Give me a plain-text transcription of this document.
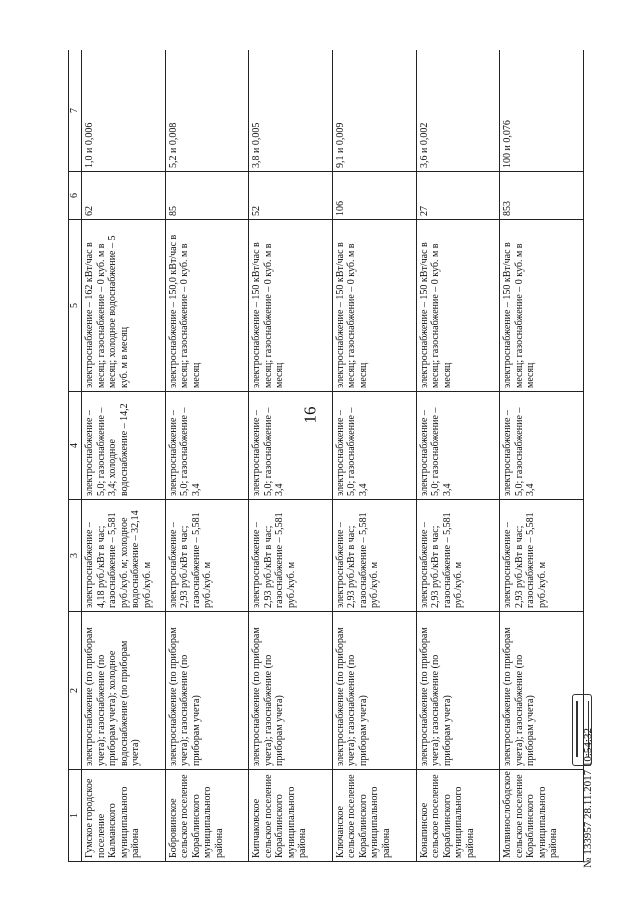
16
1	2	3	4	5	6	7
Гумское городское поселение Калманского муниципального района	электроснабжение (по приборам учета); газоснабжение (по приборам учета); холодное водоснабжение (по приборам учета)	электроснабжение – 4,18 руб./кВт в час; газоснабжение – 5,581 руб./куб. м; холодное водоснабжение – 32,14 руб./куб. м	электроснабжение – 5,0; газоснабжение – 3,4; холодное водоснабжение – 14,2	электроснабжение – 162 кВт/час в месяц; газоснабжение – 0 куб. м в месяц; холодное водоснабжение – 5 куб. м в месяц	62	1,0 и 0,006
Бобровинское сельское поселение Кораблинского муниципального района	электроснабжение (по приборам учета); газоснабжение (по приборам учета)	электроснабжение – 2,93 руб./кВт в час; газоснабжение – 5,581 руб./куб. м	электроснабжение – 5,0; газоснабжение – 3,4	электроснабжение – 150,0 кВт/час в месяц; газоснабжение – 0 куб. м в месяц	85	5,2 и 0,008
Кипчаковское сельское поселение Кораблинского муниципального района	электроснабжение (по приборам учета); газоснабжение (по приборам учета)	электроснабжение – 2,93 руб./кВт в час; газоснабжение – 5,581 руб./куб. м	электроснабжение – 5,0; газоснабжение – 3,4	электроснабжение – 150 кВт/час в месяц; газоснабжение – 0 куб. м в месяц	52	3,8 и 0,005
Ключанское сельское поселение Кораблинского муниципального района	электроснабжение (по приборам учета); газоснабжение (по приборам учета)	электроснабжение – 2,93 руб./кВт в час; газоснабжение – 5,581 руб./куб. м	электроснабжение – 5,0; газоснабжение – 3,4	электроснабжение – 150 кВт/час в месяц; газоснабжение – 0 куб. м в месяц	106	9,1 и 0,009
Конапинское сельское поселение Кораблинского муниципального района	электроснабжение (по приборам учета); газоснабжение (по приборам учета)	электроснабжение – 2,93 руб./кВт в час; газоснабжение – 5,581 руб./куб. м	электроснабжение – 5,0; газоснабжение – 3,4	электроснабжение – 150 кВт/час в месяц; газоснабжение – 0 куб. м в месяц	27	3,6 и 0,002
Молвинослободское сельское поселение Кораблинского муниципального района	электроснабжение (по приборам учета); газоснабжение (по приборам учета)	электроснабжение – 2,93 руб./кВт в час; газоснабжение – 5,581 руб./куб. м	электроснабжение – 5,0; газоснабжение – 3,4	электроснабжение – 150 кВт/час в месяц; газоснабжение – 0 куб. м в месяц	853	100 и 0,076
№ 133957 28.11.2017 10:54:32
